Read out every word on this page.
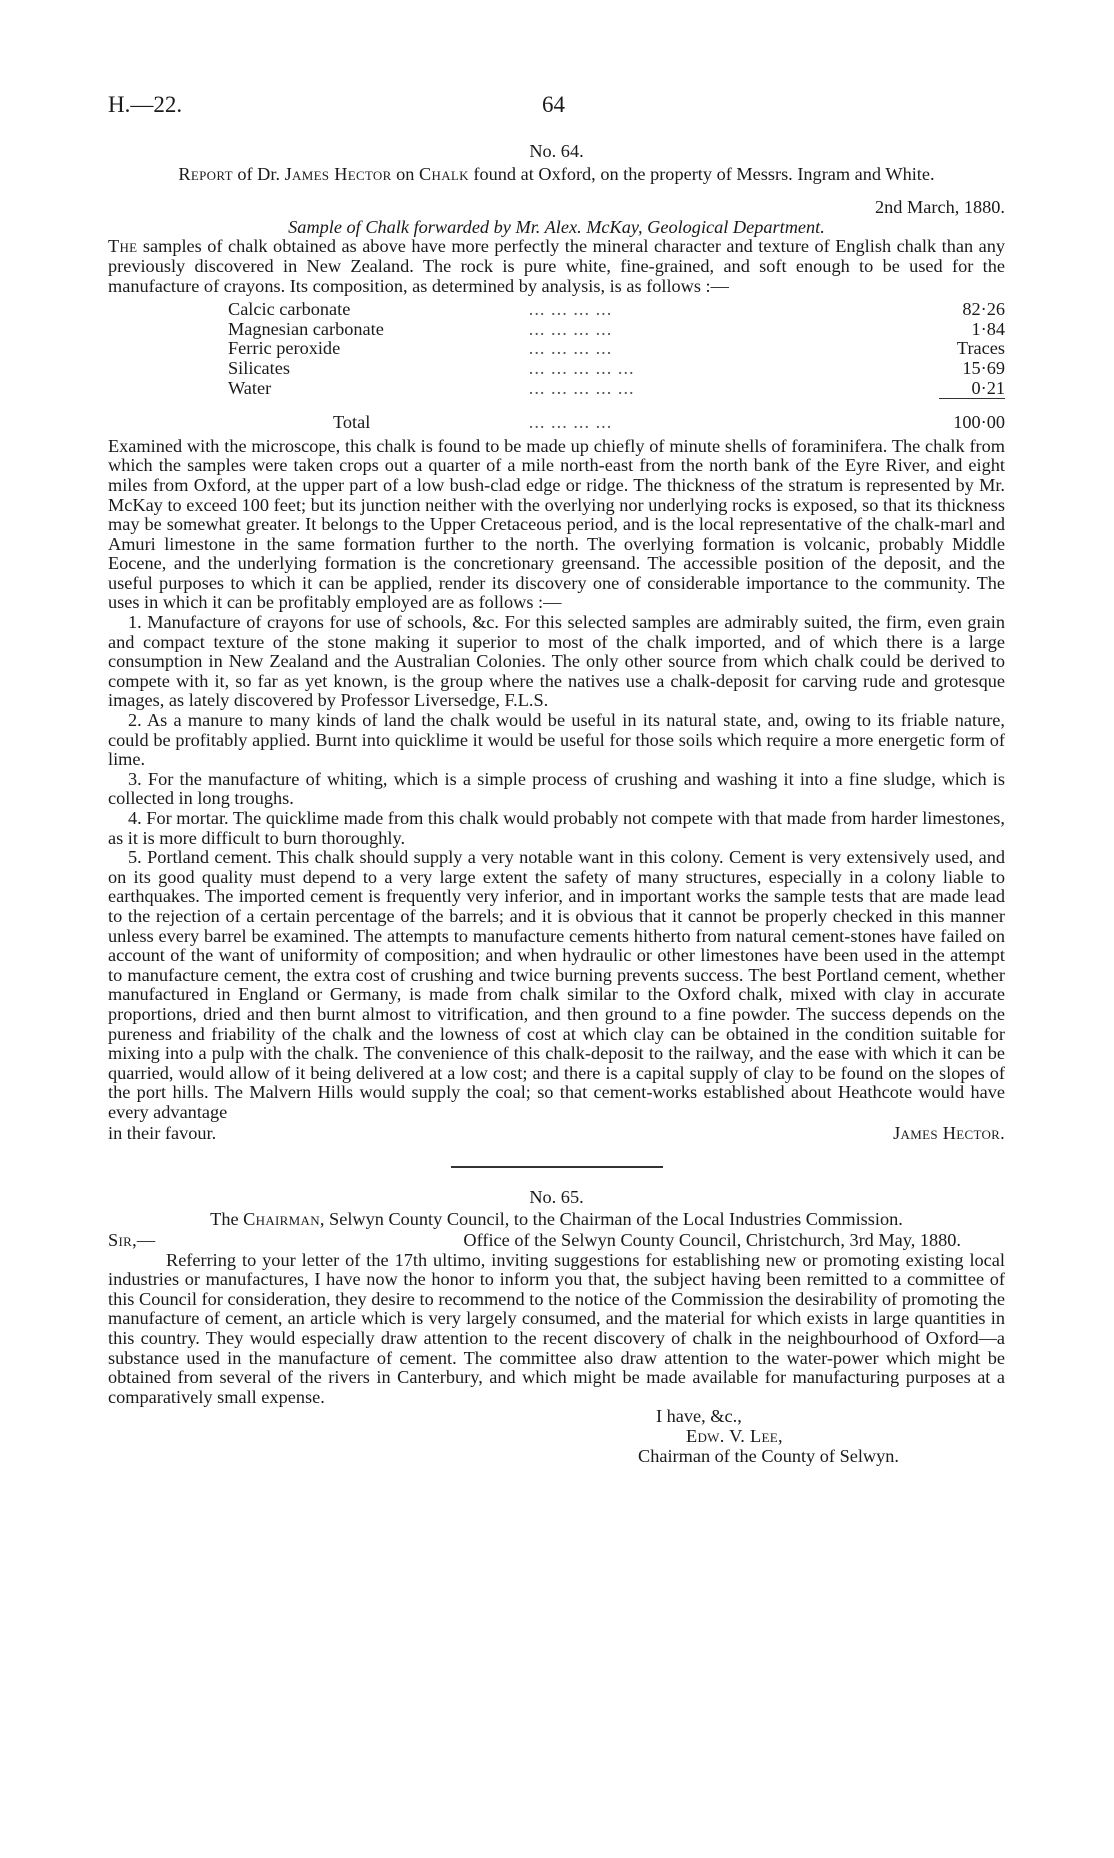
H.—22.	64

No. 64.

Report of Dr. James Hector on Chalk found at Oxford, on the property of Messrs. Ingram and White.

2nd March, 1880.

Sample of Chalk forwarded by Mr. Alex. McKay, Geological Department.

The samples of chalk obtained as above have more perfectly the mineral character and texture of English chalk than any previously discovered in New Zealand. The rock is pure white, fine-grained, and soft enough to be used for the manufacture of crayons. Its composition, as determined by analysis, is as follows :—

Calcic carbonate	... ... ... ...	82·26
Magnesian carbonate	... ... ... ...	1·84
Ferric peroxide	... ... ... ...	Traces
Silicates	... ... ... ... ...	15·69
Water	... ... ... ... ...	0·21
Total	... ... ... ...	100·00

Examined with the microscope, this chalk is found to be made up chiefly of minute shells of foraminifera. The chalk from which the samples were taken crops out a quarter of a mile north-east from the north bank of the Eyre River, and eight miles from Oxford, at the upper part of a low bush-clad edge or ridge. The thickness of the stratum is represented by Mr. McKay to exceed 100 feet; but its junction neither with the overlying nor underlying rocks is exposed, so that its thickness may be somewhat greater. It belongs to the Upper Cretaceous period, and is the local representative of the chalk-marl and Amuri limestone in the same formation further to the north. The overlying formation is volcanic, probably Middle Eocene, and the underlying formation is the concretionary greensand. The accessible position of the deposit, and the useful purposes to which it can be applied, render its discovery one of considerable importance to the community. The uses in which it can be profitably employed are as follows :—

1. Manufacture of crayons for use of schools, &c. For this selected samples are admirably suited, the firm, even grain and compact texture of the stone making it superior to most of the chalk imported, and of which there is a large consumption in New Zealand and the Australian Colonies. The only other source from which chalk could be derived to compete with it, so far as yet known, is the group where the natives use a chalk-deposit for carving rude and grotesque images, as lately discovered by Professor Liversedge, F.L.S.

2. As a manure to many kinds of land the chalk would be useful in its natural state, and, owing to its friable nature, could be profitably applied. Burnt into quicklime it would be useful for those soils which require a more energetic form of lime.

3. For the manufacture of whiting, which is a simple process of crushing and washing it into a fine sludge, which is collected in long troughs.

4. For mortar. The quicklime made from this chalk would probably not compete with that made from harder limestones, as it is more difficult to burn thoroughly.

5. Portland cement. This chalk should supply a very notable want in this colony. Cement is very extensively used, and on its good quality must depend to a very large extent the safety of many structures, especially in a colony liable to earthquakes. The imported cement is frequently very inferior, and in important works the sample tests that are made lead to the rejection of a certain percentage of the barrels; and it is obvious that it cannot be properly checked in this manner unless every barrel be examined. The attempts to manufacture cements hitherto from natural cement-stones have failed on account of the want of uniformity of composition; and when hydraulic or other limestones have been used in the attempt to manufacture cement, the extra cost of crushing and twice burning prevents success. The best Portland cement, whether manufactured in England or Germany, is made from chalk similar to the Oxford chalk, mixed with clay in accurate proportions, dried and then burnt almost to vitrification, and then ground to a fine powder. The success depends on the pureness and friability of the chalk and the lowness of cost at which clay can be obtained in the condition suitable for mixing into a pulp with the chalk. The convenience of this chalk-deposit to the railway, and the ease with which it can be quarried, would allow of it being delivered at a low cost; and there is a capital supply of clay to be found on the slopes of the port hills. The Malvern Hills would supply the coal; so that cement-works established about Heathcote would have every advantage

in their favour.	James Hector.

No. 65.

The Chairman, Selwyn County Council, to the Chairman of the Local Industries Commission.

Sir,—	Office of the Selwyn County Council, Christchurch, 3rd May, 1880.

Referring to your letter of the 17th ultimo, inviting suggestions for establishing new or promoting existing local industries or manufactures, I have now the honor to inform you that, the subject having been remitted to a committee of this Council for consideration, they desire to recommend to the notice of the Commission the desirability of promoting the manufacture of cement, an article which is very largely consumed, and the material for which exists in large quantities in this country. They would especially draw attention to the recent discovery of chalk in the neighbourhood of Oxford—a substance used in the manufacture of cement. The committee also draw attention to the water-power which might be obtained from several of the rivers in Canterbury, and which might be made available for manufacturing purposes at a comparatively small expense.

I have, &c.,

Edw. V. Lee,

Chairman of the County of Selwyn.
